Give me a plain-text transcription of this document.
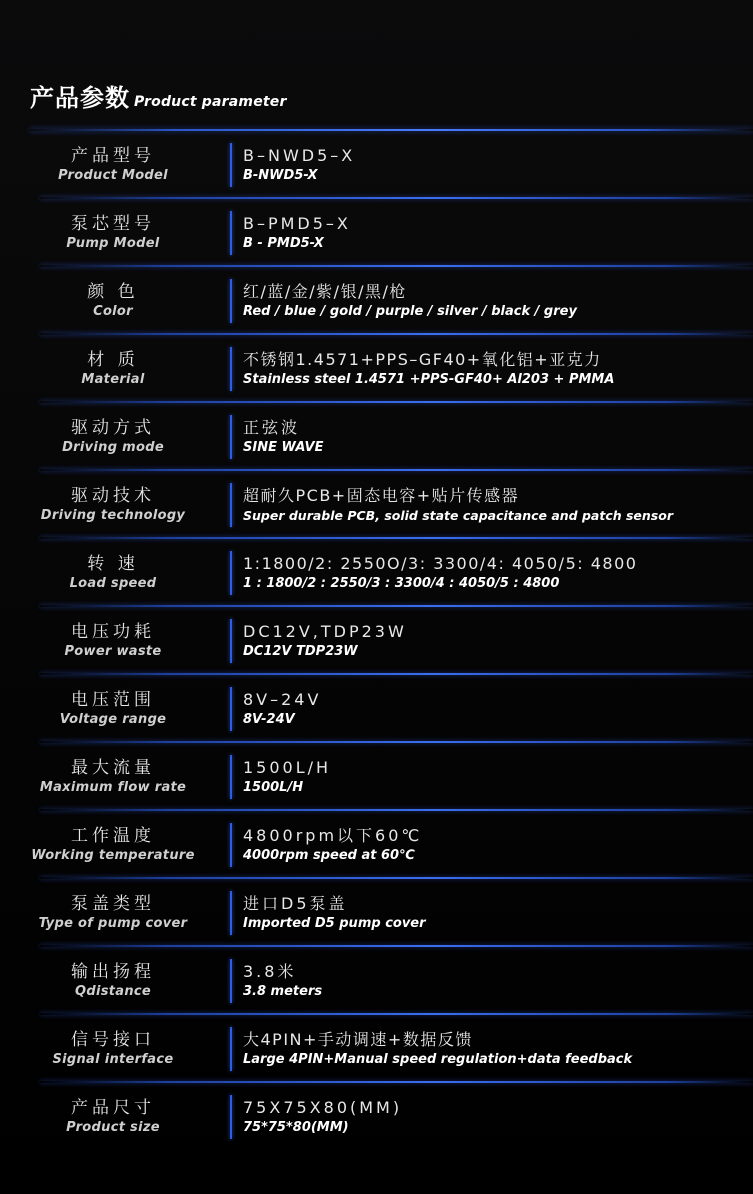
产品参数 Product parameter
产品型号
Product Model
B–NWD5–X
B-NWD5-X
泵芯型号
Pump Model
B–PMD5–X
B - PMD5-X
颜 色
Color
红/蓝/金/紫/银/黑/枪
Red / blue / gold / purple / silver / black / grey
材 质
Material
不锈钢1.4571+PPS–GF40+氧化铝+亚克力
Stainless steel 1.4571 +PPS-GF40+ Al203 + PMMA
驱动方式
Driving mode
正弦波
SINE WAVE
驱动技术
Driving technology
超耐久PCB+固态电容+贴片传感器
Super durable PCB, solid state capacitance and patch sensor
转 速
Load speed
1:1800/2: 2550O/3: 3300/4: 4050/5: 4800
1 : 1800/2 : 2550/3 : 3300/4 : 4050/5 : 4800
电压功耗
Power waste
DC12V,TDP23W
DC12V TDP23W
电压范围
Voltage range
8V–24V
8V-24V
最大流量
Maximum flow rate
1500L/H
1500L/H
工作温度
Working temperature
4800rpm以下60℃
4000rpm speed at 60℃
泵盖类型
Type of pump cover
进口D5泵盖
Imported D5 pump cover
输出扬程
Qdistance
3.8米
3.8 meters
信号接口
Signal interface
大4PIN+手动调速+数据反馈
Large 4PIN+Manual speed regulation+data feedback
产品尺寸
Product size
75X75X80(MM)
75*75*80(MM)
